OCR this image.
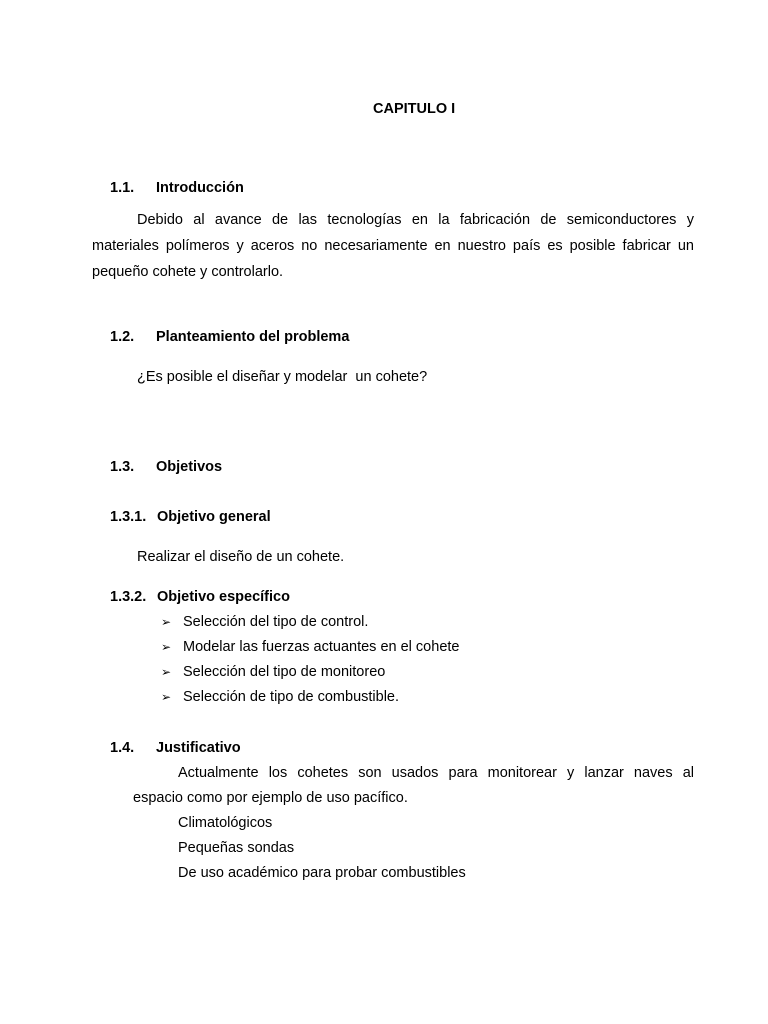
CAPITULO I
1.1. Introducción
Debido al avance de las tecnologías en la fabricación de semiconductores y
materiales polímeros y aceros no necesariamente en nuestro país es posible fabricar un
pequeño cohete y controlarlo.
1.2. Planteamiento del problema
¿Es posible el diseñar y modelar  un cohete?
1.3. Objetivos
1.3.1. Objetivo general
Realizar el diseño de un cohete.
1.3.2. Objetivo específico
➢ Selección del tipo de control.
➢ Modelar las fuerzas actuantes en el cohete
➢ Selección del tipo de monitoreo
➢ Selección de tipo de combustible.
1.4. Justificativo
Actualmente los cohetes son usados para monitorear y lanzar naves al
espacio como por ejemplo de uso pacífico.
Climatológicos
Pequeñas sondas
De uso académico para probar combustibles
